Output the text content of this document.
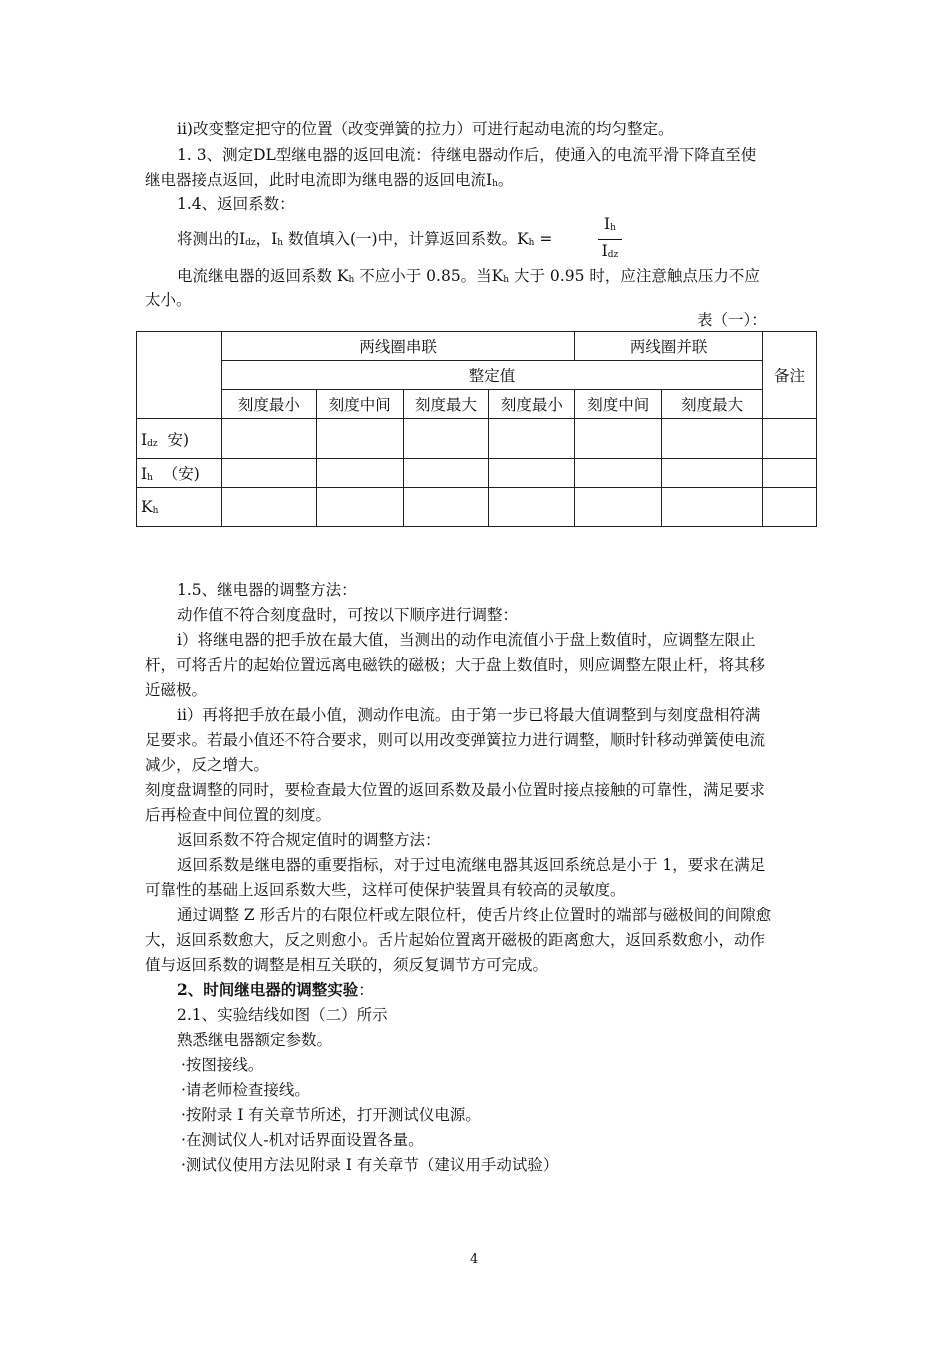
ii)改变整定把守的位置（改变弹簧的拉力）可进行起动电流的均匀整定。
1. 3、测定DL型继电器的返回电流：待继电器动作后，使通入的电流平滑下降直至使
继电器接点返回，此时电流即为继电器的返回电流Ih。
1.4、返回系数：
将测出的Idz，Ih 数值填入(一)中，计算返回系数。Kh =
Ih
Idz
电流继电器的返回系数 Kh 不应小于 0.85。当Kh 大于 0.95 时，应注意触点压力不应
太小。
表（一）：
	两线圈串联				两线圈并联		备注
	整定值						
	刻度最小	刻度中间	刻度最大	刻度最小	刻度中间	刻度最大	
Idz  安)							
Ih  （安)							
Kh							
1.5、继电器的调整方法：
动作值不符合刻度盘时，可按以下顺序进行调整：
i）将继电器的把手放在最大值，当测出的动作电流值小于盘上数值时，应调整左限止
杆，可将舌片的起始位置远离电磁铁的磁极；大于盘上数值时，则应调整左限止杆，将其移
近磁极。
ii）再将把手放在最小值，测动作电流。由于第一步已将最大值调整到与刻度盘相符满
足要求。若最小值还不符合要求，则可以用改变弹簧拉力进行调整，顺时针移动弹簧使电流
减少，反之增大。
刻度盘调整的同时，要检查最大位置的返回系数及最小位置时接点接触的可靠性，满足要求
后再检查中间位置的刻度。
返回系数不符合规定值时的调整方法：
返回系数是继电器的重要指标，对于过电流继电器其返回系统总是小于 1，要求在满足
可靠性的基础上返回系数大些，这样可使保护装置具有较高的灵敏度。
通过调整 Z 形舌片的右限位杆或左限位杆，使舌片终止位置时的端部与磁极间的间隙愈
大，返回系数愈大，反之则愈小。舌片起始位置离开磁极的距离愈大，返回系数愈小，动作
值与返回系数的调整是相互关联的，须反复调节方可完成。
2、时间继电器的调整实验：
2.1、实验结线如图（二）所示
熟悉继电器额定参数。
·按图接线。
·请老师检查接线。
·按附录 I 有关章节所述，打开测试仪电源。
·在测试仪人-机对话界面设置各量。
·测试仪使用方法见附录 I 有关章节（建议用手动试验）
4
